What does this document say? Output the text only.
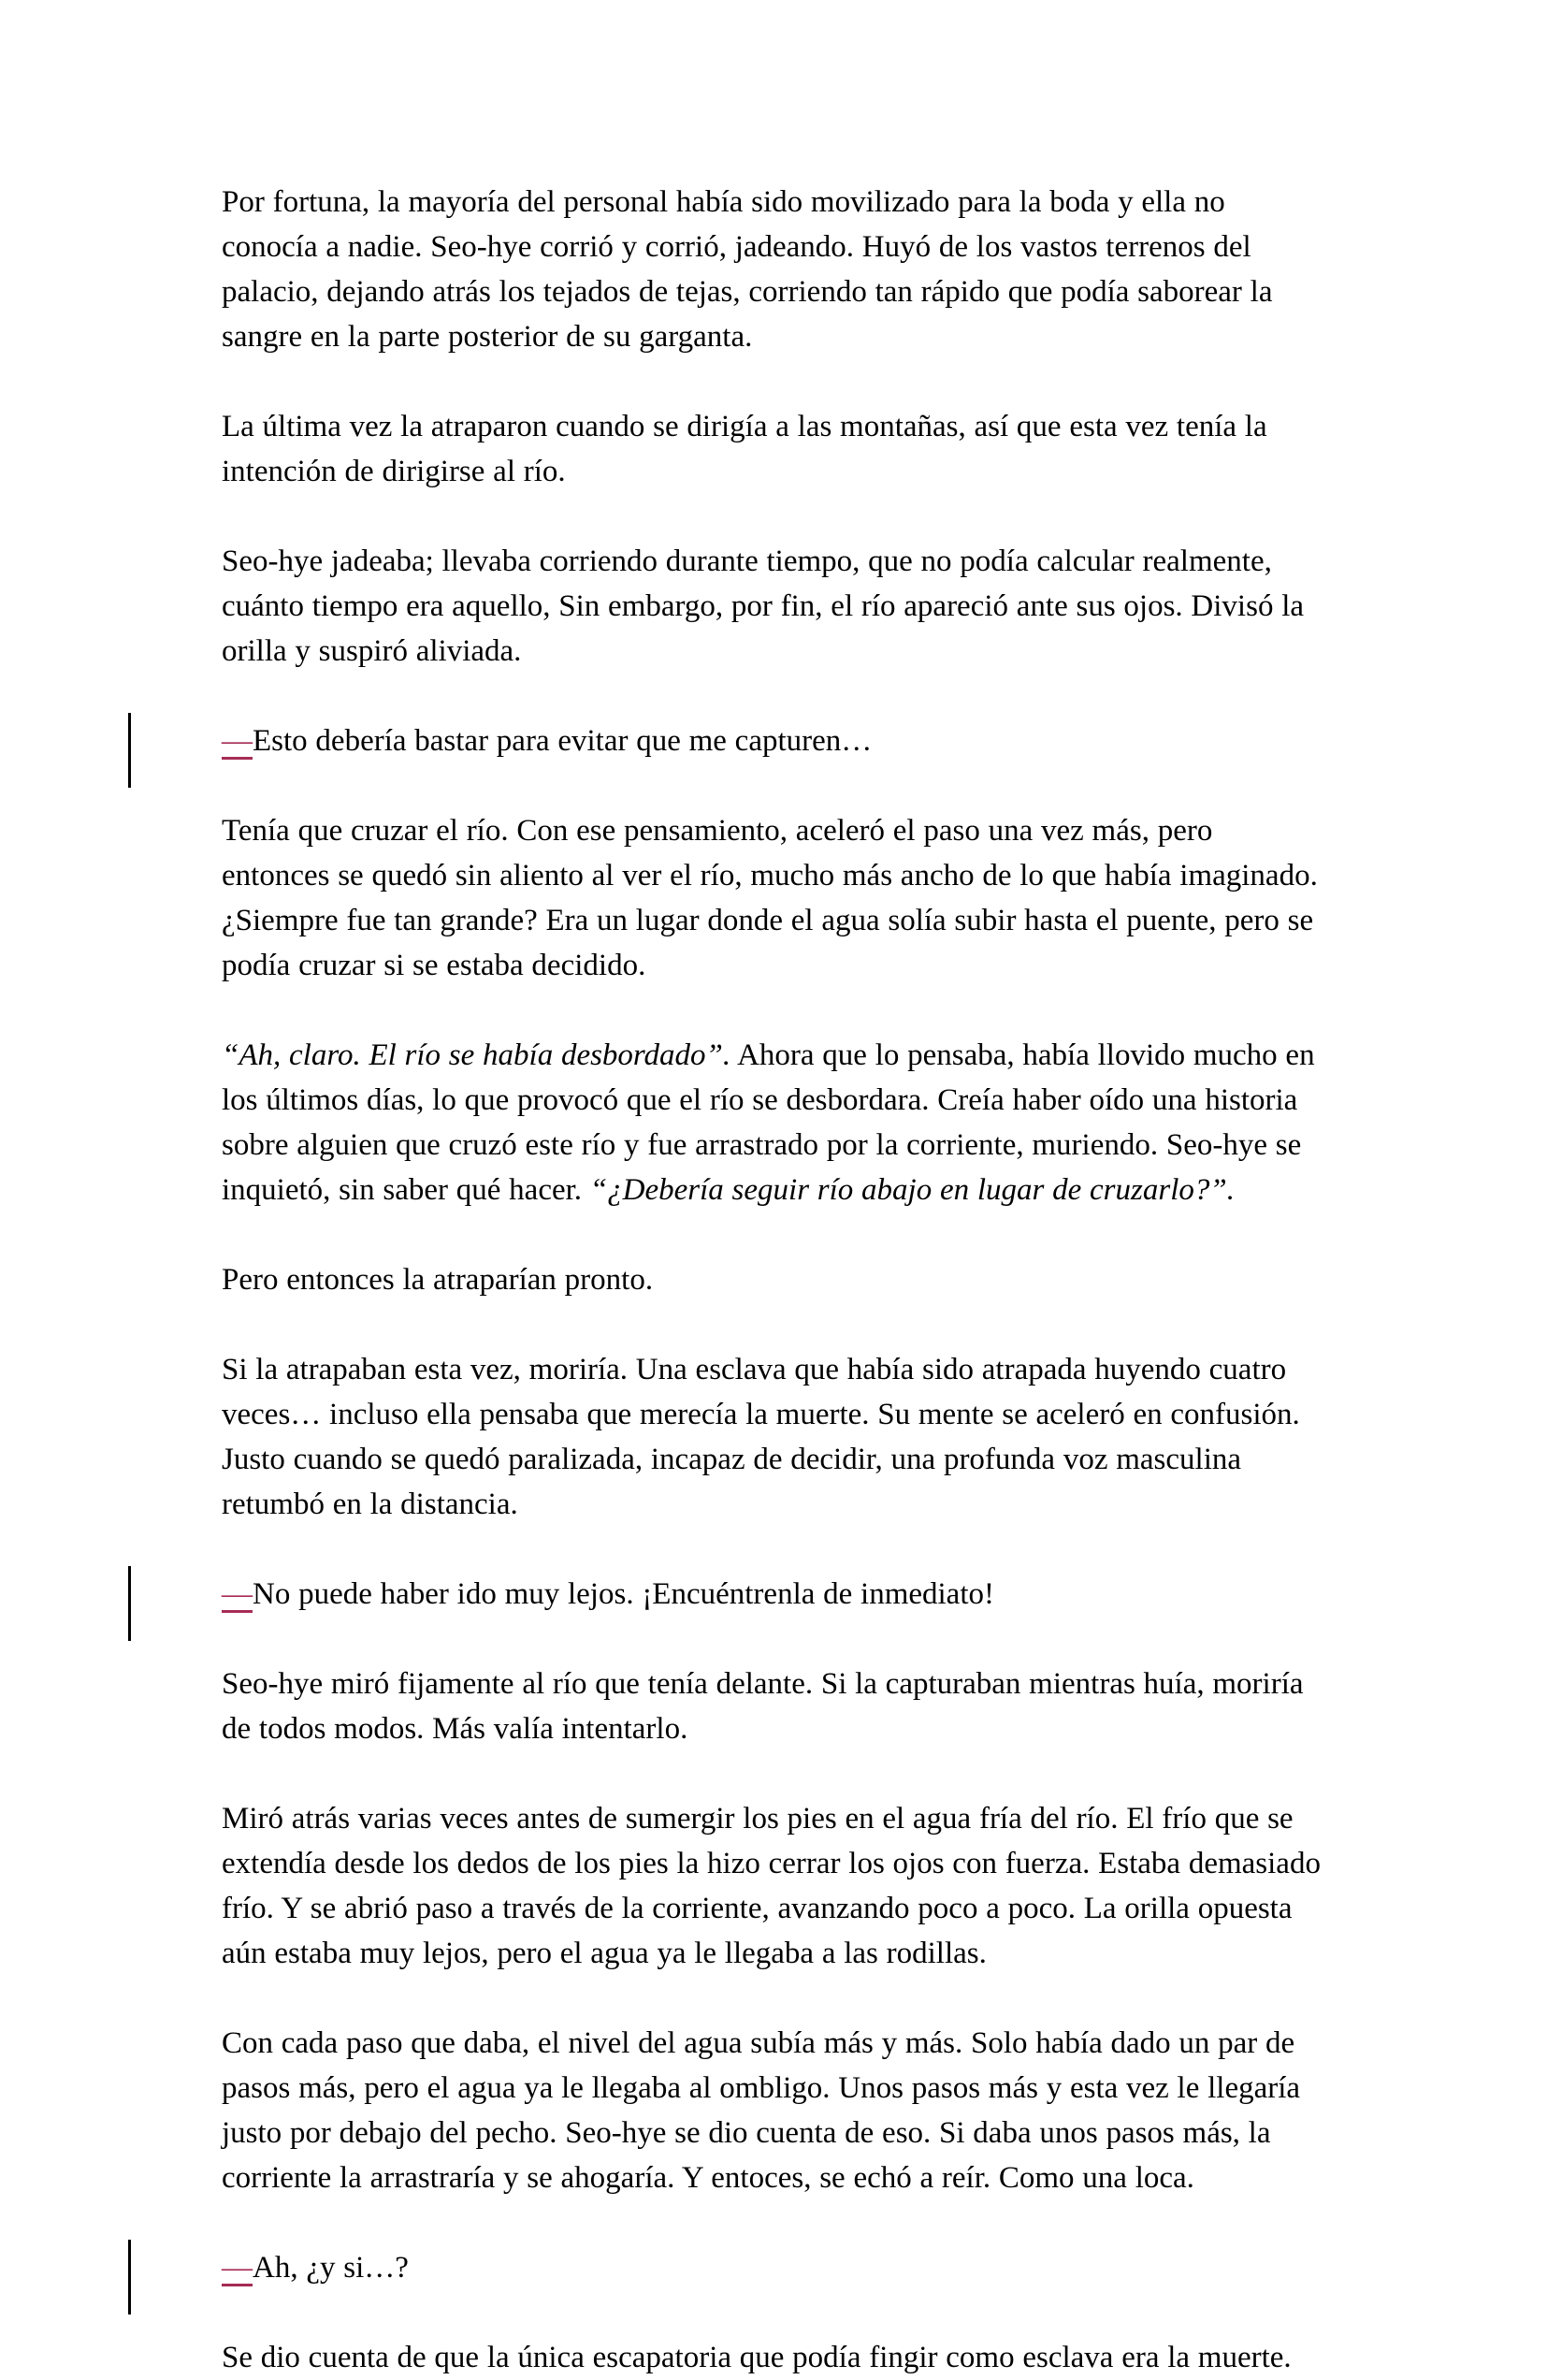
Por fortuna, la mayoría del personal había sido movilizado para la boda y ella no conocía a nadie. Seo-hye corrió y corrió, jadeando. Huyó de los vastos terrenos del palacio, dejando atrás los tejados de tejas, corriendo tan rápido que podía saborear la sangre en la parte posterior de su garganta.

La última vez la atraparon cuando se dirigía a las montañas, así que esta vez tenía la intención de dirigirse al río.

Seo-hye jadeaba; llevaba corriendo durante tiempo, que no podía calcular realmente, cuánto tiempo era aquello, Sin embargo, por fin, el río apareció ante sus ojos. Divisó la orilla y suspiró aliviada.

—Esto debería bastar para evitar que me capturen…

Tenía que cruzar el río. Con ese pensamiento, aceleró el paso una vez más, pero entonces se quedó sin aliento al ver el río, mucho más ancho de lo que había imaginado. ¿Siempre fue tan grande? Era un lugar donde el agua solía subir hasta el puente, pero se podía cruzar si se estaba decidido.

“Ah, claro. El río se había desbordado”. Ahora que lo pensaba, había llovido mucho en los últimos días, lo que provocó que el río se desbordara. Creía haber oído una historia sobre alguien que cruzó este río y fue arrastrado por la corriente, muriendo. Seo-hye se inquietó, sin saber qué hacer. “¿Debería seguir río abajo en lugar de cruzarlo?”.

Pero entonces la atraparían pronto.

Si la atrapaban esta vez, moriría. Una esclava que había sido atrapada huyendo cuatro veces… incluso ella pensaba que merecía la muerte. Su mente se aceleró en confusión. Justo cuando se quedó paralizada, incapaz de decidir, una profunda voz masculina retumbó en la distancia.

—No puede haber ido muy lejos. ¡Encuéntrenla de inmediato!

Seo-hye miró fijamente al río que tenía delante. Si la capturaban mientras huía, moriría de todos modos. Más valía intentarlo.

Miró atrás varias veces antes de sumergir los pies en el agua fría del río. El frío que se extendía desde los dedos de los pies la hizo cerrar los ojos con fuerza. Estaba demasiado frío. Y se abrió paso a través de la corriente, avanzando poco a poco. La orilla opuesta aún estaba muy lejos, pero el agua ya le llegaba a las rodillas.

Con cada paso que daba, el nivel del agua subía más y más. Solo había dado un par de pasos más, pero el agua ya le llegaba al ombligo. Unos pasos más y esta vez le llegaría justo por debajo del pecho. Seo-hye se dio cuenta de eso. Si daba unos pasos más, la corriente la arrastraría y se ahogaría. Y entoces, se echó a reír. Como una loca.

—Ah, ¿y si…?

Se dio cuenta de que la única escapatoria que podía fingir como esclava era la muerte.
